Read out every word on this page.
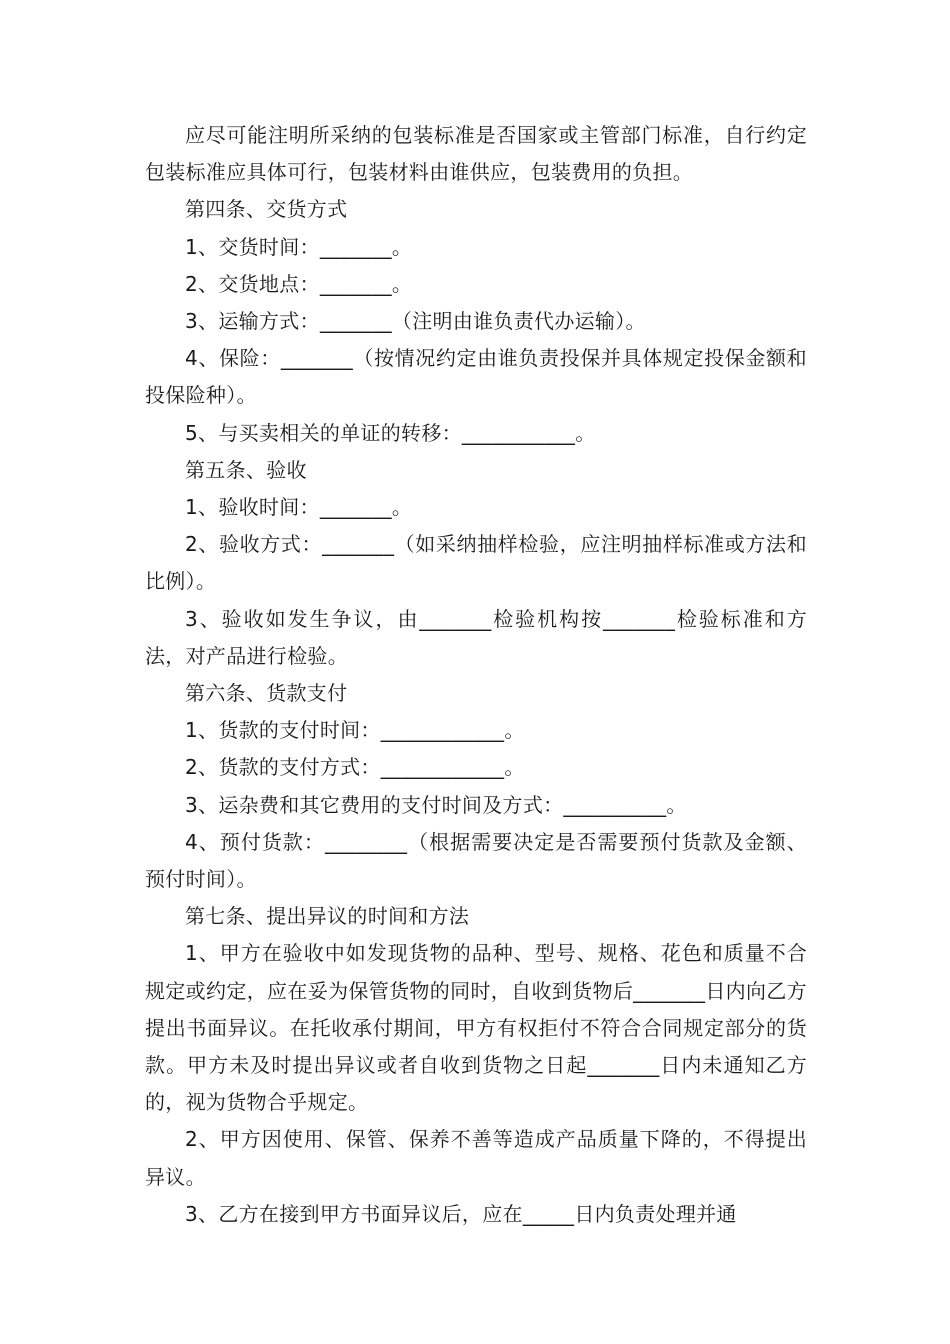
应尽可能注明所采纳的包装标准是否国家或主管部门标准，自行约定包装标准应具体可行，包装材料由谁供应，包装费用的负担。

第四条、交货方式

1、交货时间：_______。

2、交货地点：_______。

3、运输方式：_______（注明由谁负责代办运输）。

4、保险：_______（按情况约定由谁负责投保并具体规定投保金额和投保险种）。

5、与买卖相关的单证的转移：___________。

第五条、验收

1、验收时间：_______。

2、验收方式：_______（如采纳抽样检验，应注明抽样标准或方法和比例）。

3、验收如发生争议，由_______检验机构按_______检验标准和方法，对产品进行检验。

第六条、货款支付

1、货款的支付时间：____________。

2、货款的支付方式：____________。

3、运杂费和其它费用的支付时间及方式：__________。

4、预付货款：________（根据需要决定是否需要预付货款及金额、预付时间）。

第七条、提出异议的时间和方法

1、甲方在验收中如发现货物的品种、型号、规格、花色和质量不合规定或约定，应在妥为保管货物的同时，自收到货物后_______日内向乙方提出书面异议。在托收承付期间，甲方有权拒付不符合合同规定部分的货款。甲方未及时提出异议或者自收到货物之日起_______日内未通知乙方的，视为货物合乎规定。

2、甲方因使用、保管、保养不善等造成产品质量下降的，不得提出异议。

3、乙方在接到甲方书面异议后，应在_____日内负责处理并通
